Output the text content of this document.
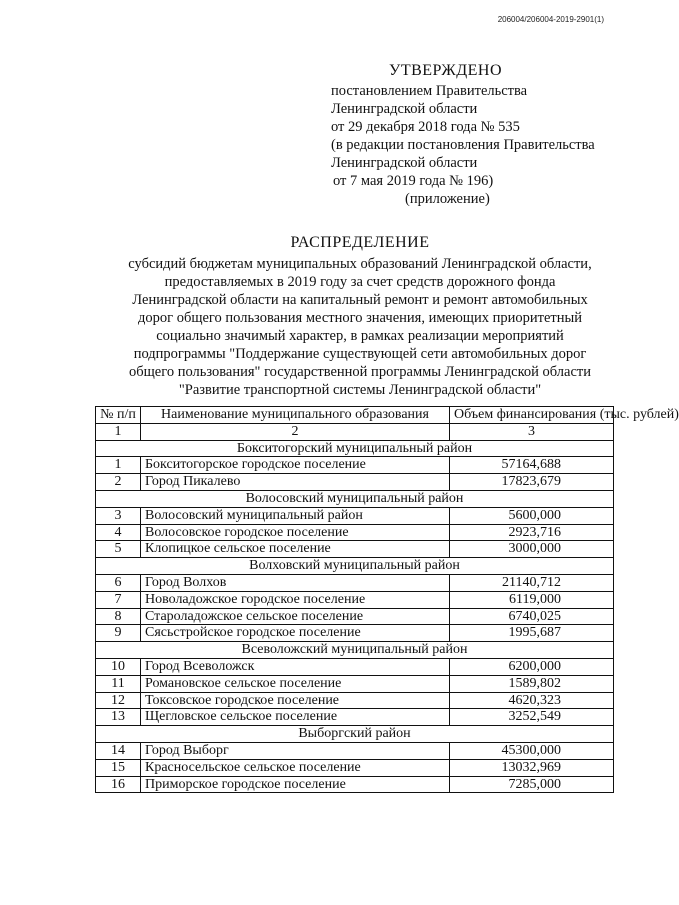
206004/206004-2019-2901(1)
УТВЕРЖДЕНО
постановлением Правительства
Ленинградской области
от 29 декабря 2018 года № 535
(в редакции постановления Правительства
Ленинградской области
от 7 мая 2019 года № 196)
(приложение)
РАСПРЕДЕЛЕНИЕ
субсидий бюджетам муниципальных образований Ленинградской области,
предоставляемых в 2019 году за счет средств дорожного фонда
Ленинградской области на капитальный ремонт и ремонт автомобильных
дорог общего пользования местного значения, имеющих приоритетный
социально значимый характер, в рамках реализации мероприятий
подпрограммы "Поддержание существующей сети автомобильных дорог
общего пользования" государственной программы Ленинградской области
"Развитие транспортной системы Ленинградской области"
№ п/п	Наименование муниципального образования	Объем финансирования (тыс. рублей)
1	2	3
Бокситогорский муниципальный район		
1	Бокситогорское городское поселение	57164,688
2	Город Пикалево	17823,679
Волосовский муниципальный район		
3	Волосовский муниципальный район	5600,000
4	Волосовское городское поселение	2923,716
5	Клопицкое сельское поселение	3000,000
Волховский муниципальный район		
6	Город Волхов	21140,712
7	Новоладожское городское поселение	6119,000
8	Староладожское сельское поселение	6740,025
9	Сясьстройское городское поселение	1995,687
Всеволожский муниципальный район		
10	Город Всеволожск	6200,000
11	Романовское сельское поселение	1589,802
12	Токсовское городское поселение	4620,323
13	Щегловское сельское поселение	3252,549
Выборгский район		
14	Город Выборг	45300,000
15	Красносельское сельское поселение	13032,969
16	Приморское городское поселение	7285,000
